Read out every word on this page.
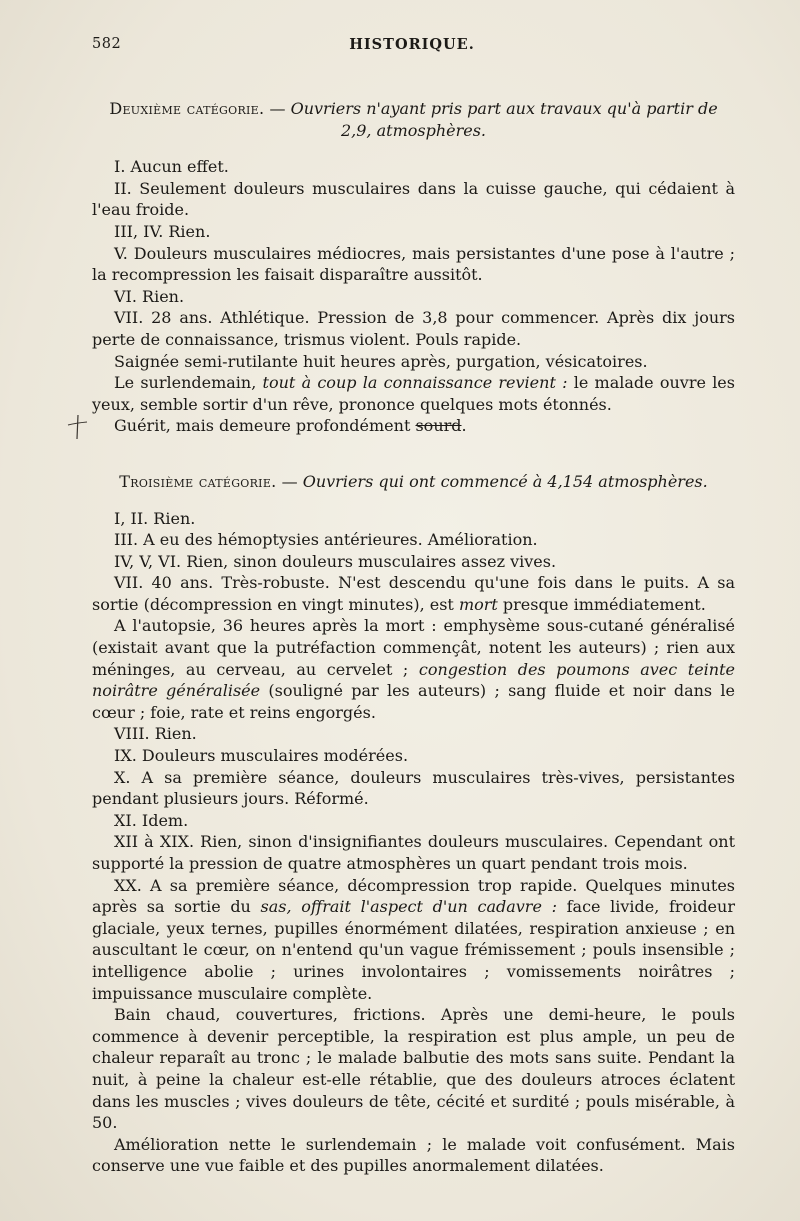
582	HISTORIQUE.

Deuxième catégorie. — Ouvriers n'ayant pris part aux travaux qu'à partir de 2,9, atmosphères.

I. Aucun effet.

II. Seulement douleurs musculaires dans la cuisse gauche, qui cédaient à l'eau froide.

III, IV. Rien.

V. Douleurs musculaires médiocres, mais persistantes d'une pose à l'autre ; la recompression les faisait disparaître aussitôt.

VI. Rien.

VII. 28 ans. Athlétique. Pression de 3,8 pour commencer. Après dix jours perte de connaissance, trismus violent. Pouls rapide.

Saignée semi-rutilante huit heures après, purgation, vésicatoires.

Le surlendemain, tout à coup la connaissance revient : le malade ouvre les yeux, semble sortir d'un rêve, prononce quelques mots étonnés.

Guérit, mais demeure profondément sourd.

Troisième catégorie. — Ouvriers qui ont commencé à 4,154 atmosphères.

I, II. Rien.

III. A eu des hémoptysies antérieures. Amélioration.

IV, V, VI. Rien, sinon douleurs musculaires assez vives.

VII. 40 ans. Très-robuste. N'est descendu qu'une fois dans le puits. A sa sortie (décompression en vingt minutes), est mort presque immédiatement.

A l'autopsie, 36 heures après la mort : emphysème sous-cutané généralisé (existait avant que la putréfaction commençât, notent les auteurs) ; rien aux méninges, au cerveau, au cervelet ; congestion des poumons avec teinte noirâtre généralisée (souligné par les auteurs) ; sang fluide et noir dans le cœur ; foie, rate et reins engorgés.

VIII. Rien.

IX. Douleurs musculaires modérées.

X. A sa première séance, douleurs musculaires très-vives, persistantes pendant plusieurs jours. Réformé.

XI. Idem.

XII à XIX. Rien, sinon d'insignifiantes douleurs musculaires. Cependant ont supporté la pression de quatre atmosphères un quart pendant trois mois.

XX. A sa première séance, décompression trop rapide. Quelques minutes après sa sortie du sas, offrait l'aspect d'un cadavre : face livide, froideur glaciale, yeux ternes, pupilles énormément dilatées, respiration anxieuse ; en auscultant le cœur, on n'entend qu'un vague frémissement ; pouls insensible ; intelligence abolie ; urines involontaires ; vomissements noirâtres ; impuissance musculaire complète.

Bain chaud, couvertures, frictions. Après une demi-heure, le pouls commence à devenir perceptible, la respiration est plus ample, un peu de chaleur reparaît au tronc ; le malade balbutie des mots sans suite. Pendant la nuit, à peine la chaleur est-elle rétablie, que des douleurs atroces éclatent dans les muscles ; vives douleurs de tête, cécité et surdité ; pouls misérable, à 50.

Amélioration nette le surlendemain ; le malade voit confusément. Mais conserve une vue faible et des pupilles anormalement dilatées.
